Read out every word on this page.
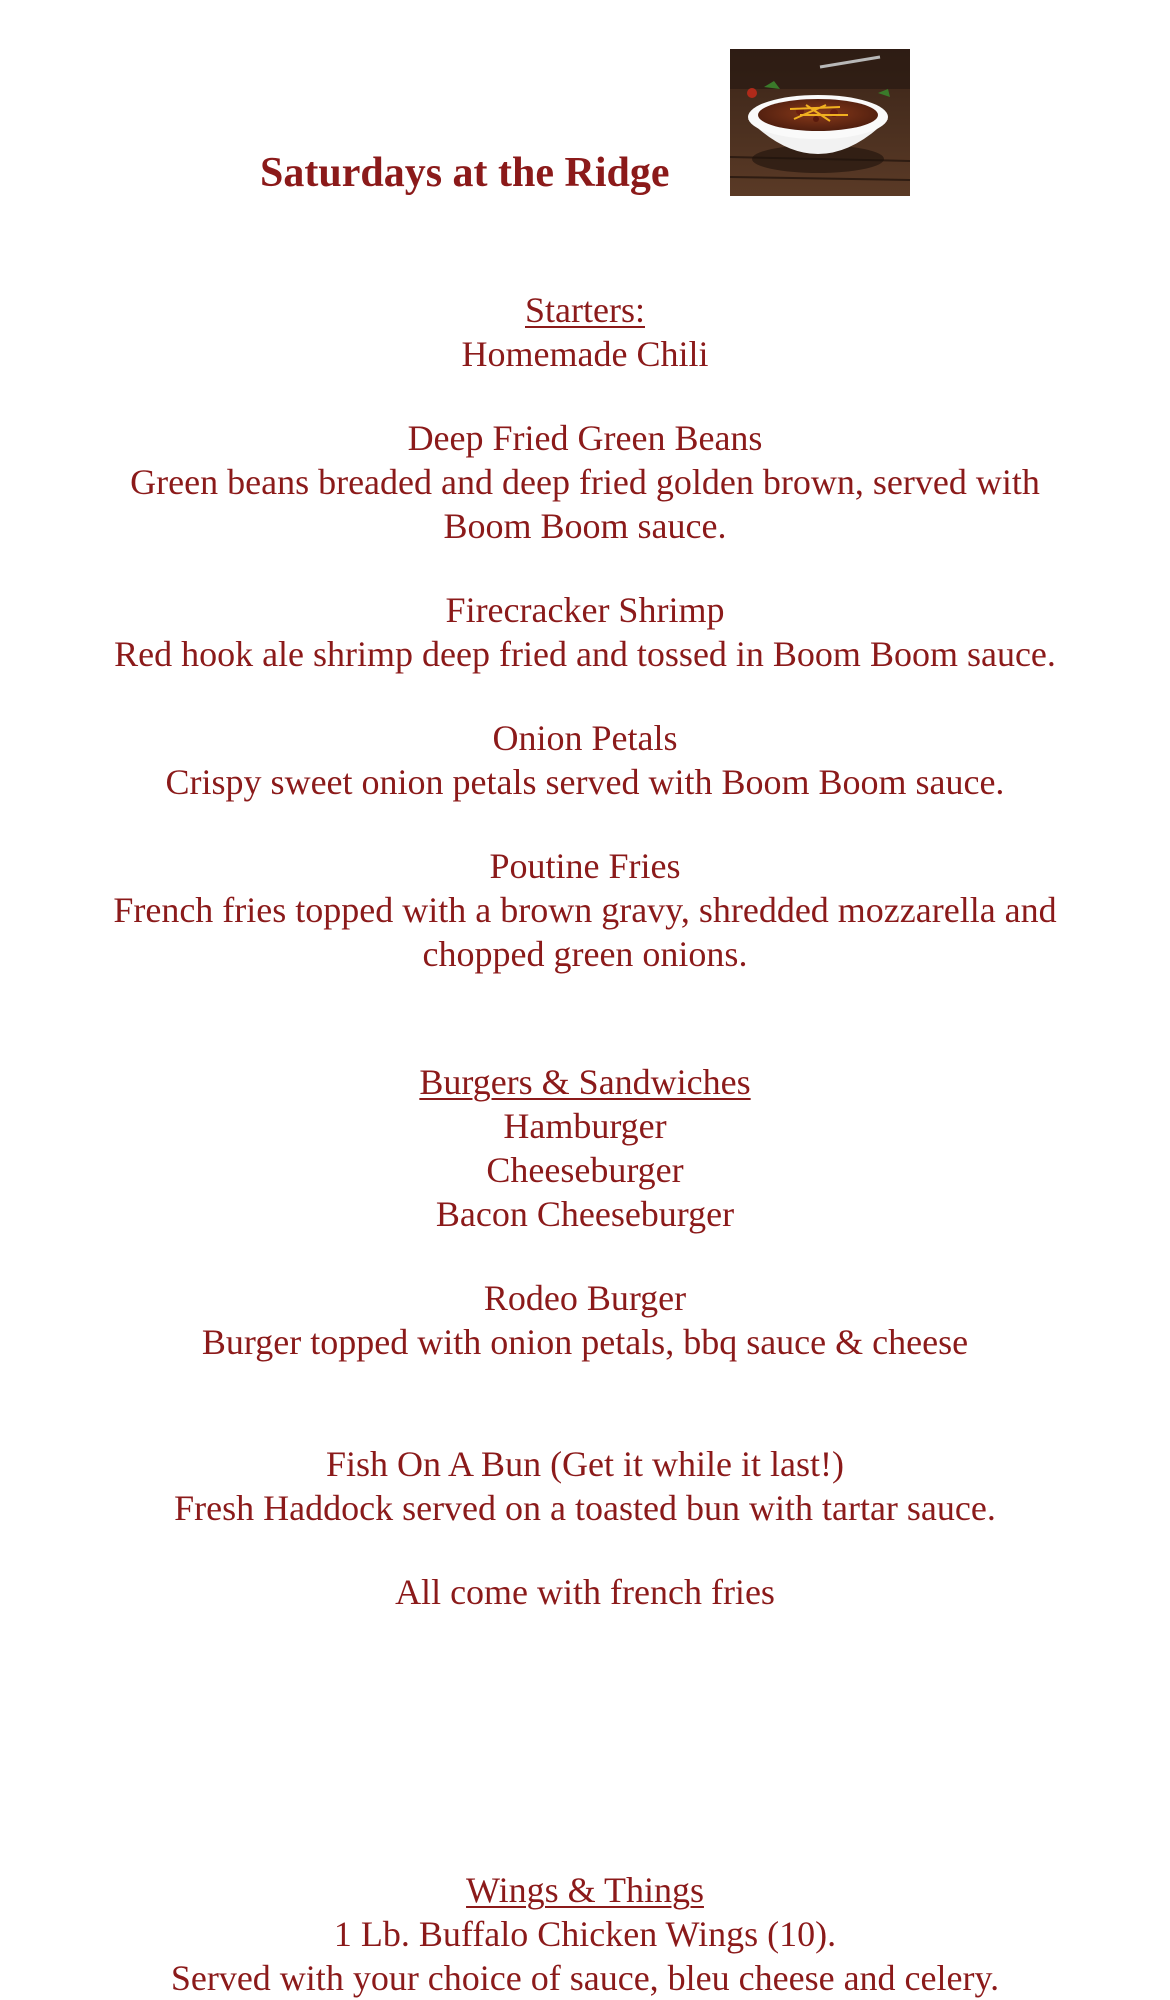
Saturdays at the Ridge
Starters:
Homemade Chili
Deep Fried Green Beans
Green beans breaded and deep fried golden brown, served with Boom Boom sauce.
Firecracker Shrimp
Red hook ale shrimp deep fried and tossed in Boom Boom sauce.
Onion Petals
Crispy sweet onion petals served with Boom Boom sauce.
Poutine Fries
French fries topped with a brown gravy, shredded mozzarella and chopped green onions.
Burgers & Sandwiches
Hamburger
Cheeseburger
Bacon Cheeseburger
Rodeo Burger
Burger topped with onion petals, bbq sauce & cheese
Fish On A Bun (Get it while it last!)
Fresh Haddock served on a toasted bun with tartar sauce.
All come with french fries
Wings & Things
1 Lb. Buffalo Chicken Wings (10).
Served with your choice of sauce, bleu cheese and celery.
